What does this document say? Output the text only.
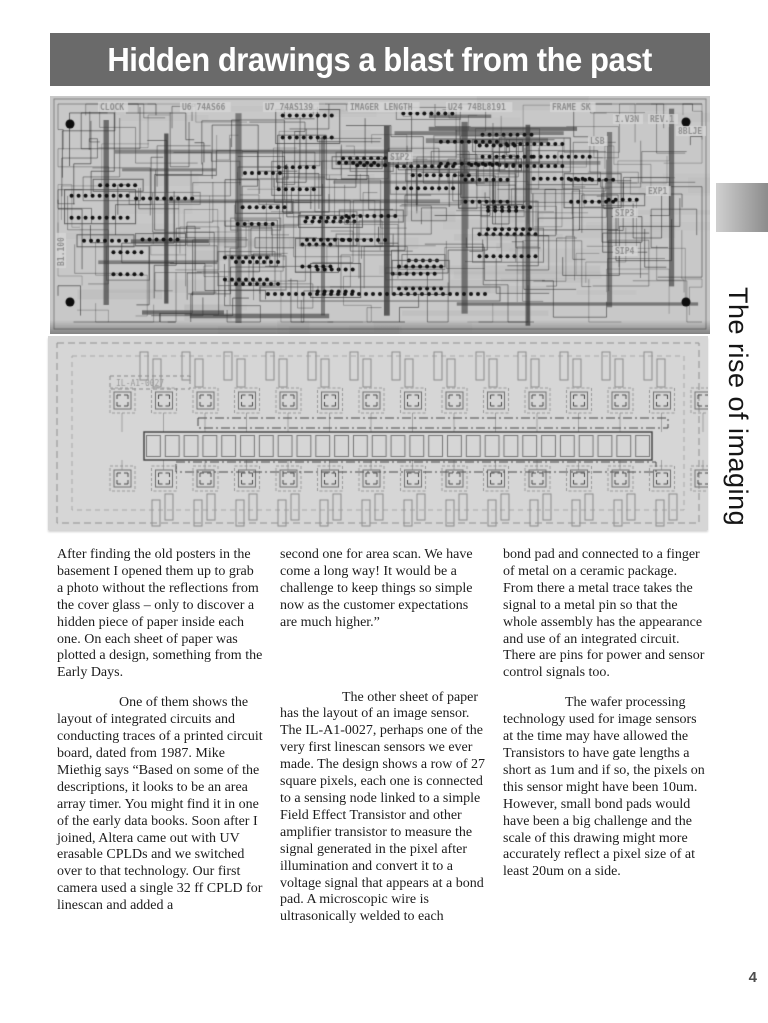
Hidden drawings a blast from the past
The rise of imaging

After finding the old posters in the basement I opened them up to grab a photo without the reflections from the cover glass – only to discover a hidden piece of paper inside each one. On each sheet of paper was plotted a design, something from the Early Days.

One of them shows the layout of integrated circuits and conducting traces of a printed circuit board, dated from 1987. Mike Miethig says “Based on some of the descriptions, it looks to be an area array timer. You might find it in one of the early data books. Soon after I joined, Altera came out with UV erasable CPLDs and we switched over to that technology. Our first camera used a single 32 ff CPLD for linescan and added a

second one for area scan. We have come a long way! It would be a challenge to keep things so simple now as the customer expectations are much higher.”

The other sheet of paper has the layout of an image sensor. The IL-A1-0027, perhaps one of the very first linescan sensors we ever made. The design shows a row of 27 square pixels, each one is connected to a sensing node linked to a simple Field Effect Transistor and other amplifier transistor to measure the signal generated in the pixel after illumination and convert it to a voltage signal that appears at a bond pad. A microscopic wire is ultrasonically welded to each

bond pad and connected to a finger of metal on a ceramic package. From there a metal trace takes the signal to a metal pin so that the whole assembly has the appearance and use of an integrated circuit. There are pins for power and sensor control signals too.

The wafer processing technology used for image sensors at the time may have allowed the Transistors to have gate lengths a short as 1um and if so, the pixels on this sensor might have been 10um. However, small bond pads would have been a big challenge and the scale of this drawing might more accurately reflect a pixel size of at least 20um on a side.

4
